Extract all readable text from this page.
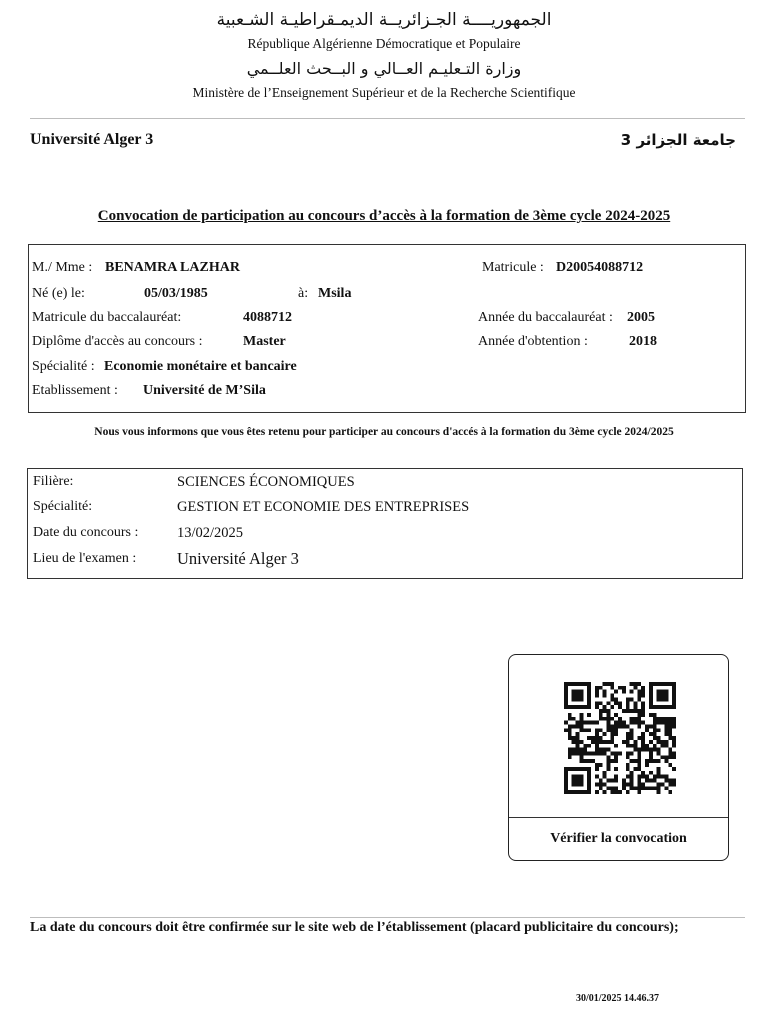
الجمهوريــــة الجـزائريــة الديمـقراطيـة الشـعبية
République Algérienne Démocratique et Populaire
وزارة التـعليـم العــالي و البــحث العلــمي
Ministère de l’Enseignement Supérieur et de la Recherche Scientifique
Université Alger 3	جامعة الجزائر 3
Convocation de participation au concours d’accès à la formation de 3ème cycle 2024-2025
M./ Mme : BENAMRA LAZHAR	Matricule : D20054088712
Né (e) le:	05/03/1985	à: Msila
Matricule du baccalauréat:	4088712	Année du baccalauréat : 2005
Diplôme d'accès au concours :	Master	Année d'obtention :	2018
Spécialité : Economie monétaire et bancaire
Etablissement : Université de M’Sila
Nous vous informons que vous êtes retenu pour participer au concours d'accés à la formation du 3ème cycle 2024/2025
Filière:	SCIENCES ÉCONOMIQUES
Spécialité:	GESTION ET ECONOMIE DES ENTREPRISES
Date du concours :	13/02/2025
Lieu de l'examen : Université Alger 3
Vérifier la convocation
La date du concours doit être confirmée sur le site web de l’établissement (placard publicitaire du concours);
30/01/2025 14.46.37
